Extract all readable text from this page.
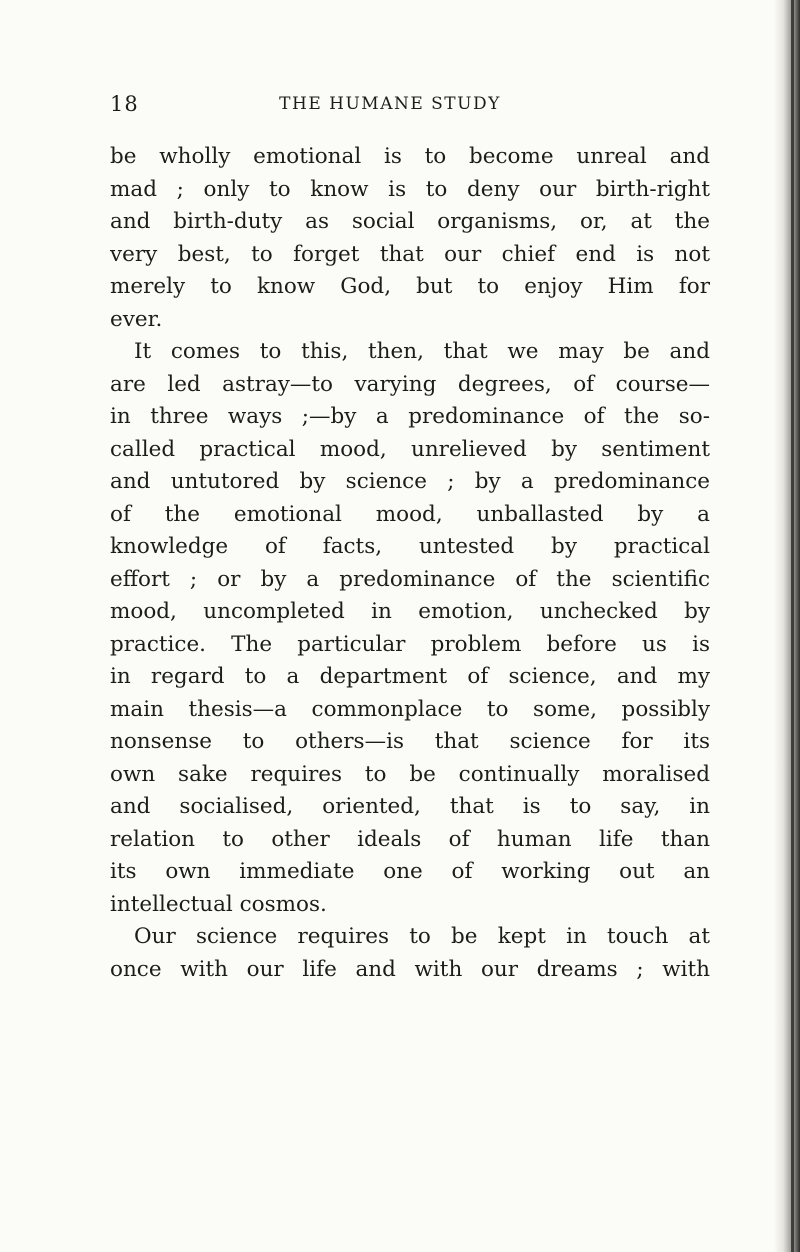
18	THE HUMANE STUDY
be wholly emotional is to become unreal and
mad ; only to know is to deny our birth-right
and birth-duty as social organisms, or, at the
very best, to forget that our chief end is not
merely to know God, but to enjoy Him for
ever.
It comes to this, then, that we may be and
are led astray—to varying degrees, of course—
in three ways ;—by a predominance of the so-
called practical mood, unrelieved by sentiment
and untutored by science ; by a predominance
of the emotional mood, unballasted by a
knowledge of facts, untested by practical
effort ; or by a predominance of the scientific
mood, uncompleted in emotion, unchecked by
practice. The particular problem before us is
in regard to a department of science, and my
main thesis—a commonplace to some, possibly
nonsense to others—is that science for its
own sake requires to be continually moralised
and socialised, oriented, that is to say, in
relation to other ideals of human life than
its own immediate one of working out an
intellectual cosmos.
Our science requires to be kept in touch at
once with our life and with our dreams ; with
